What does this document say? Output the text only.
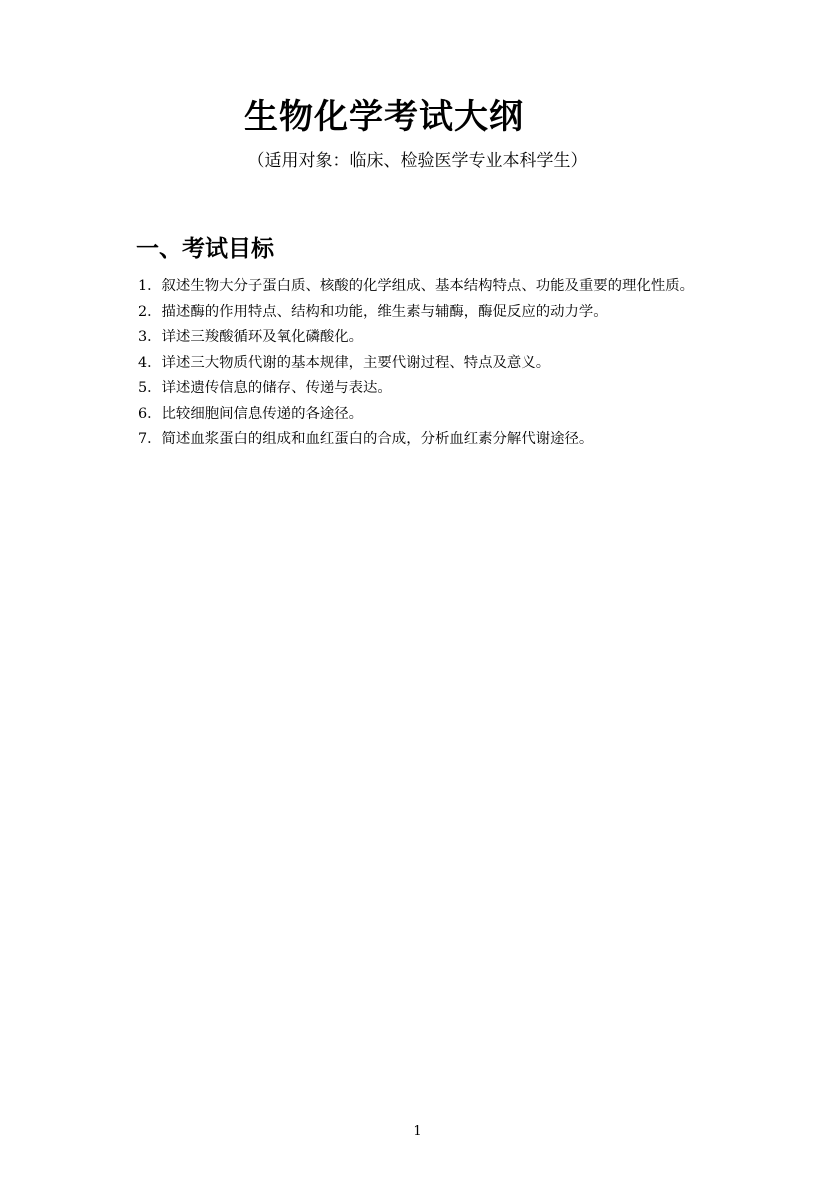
生物化学考试大纲
（适用对象：临床、检验医学专业本科学生）
一、考试目标
1．叙述生物大分子蛋白质、核酸的化学组成、基本结构特点、功能及重要的理化性质。
2．描述酶的作用特点、结构和功能，维生素与辅酶，酶促反应的动力学。
3．详述三羧酸循环及氧化磷酸化。
4．详述三大物质代谢的基本规律，主要代谢过程、特点及意义。
5．详述遗传信息的储存、传递与表达。
6．比较细胞间信息传递的各途径。
7．简述血浆蛋白的组成和血红蛋白的合成，分析血红素分解代谢途径。
1
